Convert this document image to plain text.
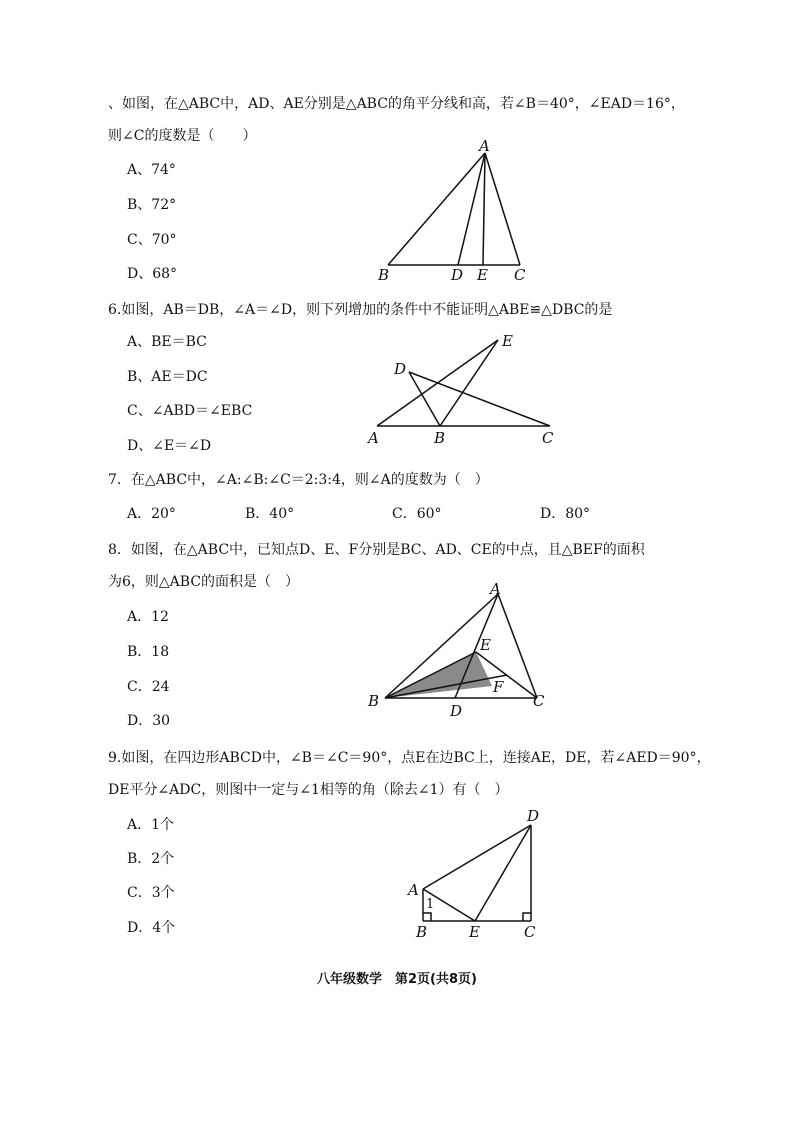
、如图，在△ABC中，AD、AE分别是△ABC的角平分线和高，若∠B＝40°，∠EAD＝16°，
则∠C的度数是（　　）
A、74°
B、72°
C、70°
D、68°
A
B	D E C
6.如图，AB＝DB，∠A＝∠D，则下列增加的条件中不能证明△ABE≌△DBC的是
A、BE＝BC
B、AE＝DC
C、∠ABD＝∠EBC
D、∠E＝∠D
D
E
A	B	C
7．在△ABC中，∠A:∠B:∠C＝2:3:4，则∠A的度数为（　）
A．20°	B．40°	C．60°	D．80°
8．如图，在△ABC中，已知点D、E、F分别是BC、AD、CE的中点，且△BEF的面积
为6，则△ABC的面积是（　）
A．12
B．18
C．24
D．30
A
E
F
B
D
C
9.如图，在四边形ABCD中，∠B＝∠C＝90°，点E在边BC上，连接AE，DE，若∠AED＝90°，
DE平分∠ADC，则图中一定与∠1相等的角（除去∠1）有（　）
A．1个
B．2个
C．3个
D．4个
A
1
B	E	C
D
八年级数学　第2页(共8页)
